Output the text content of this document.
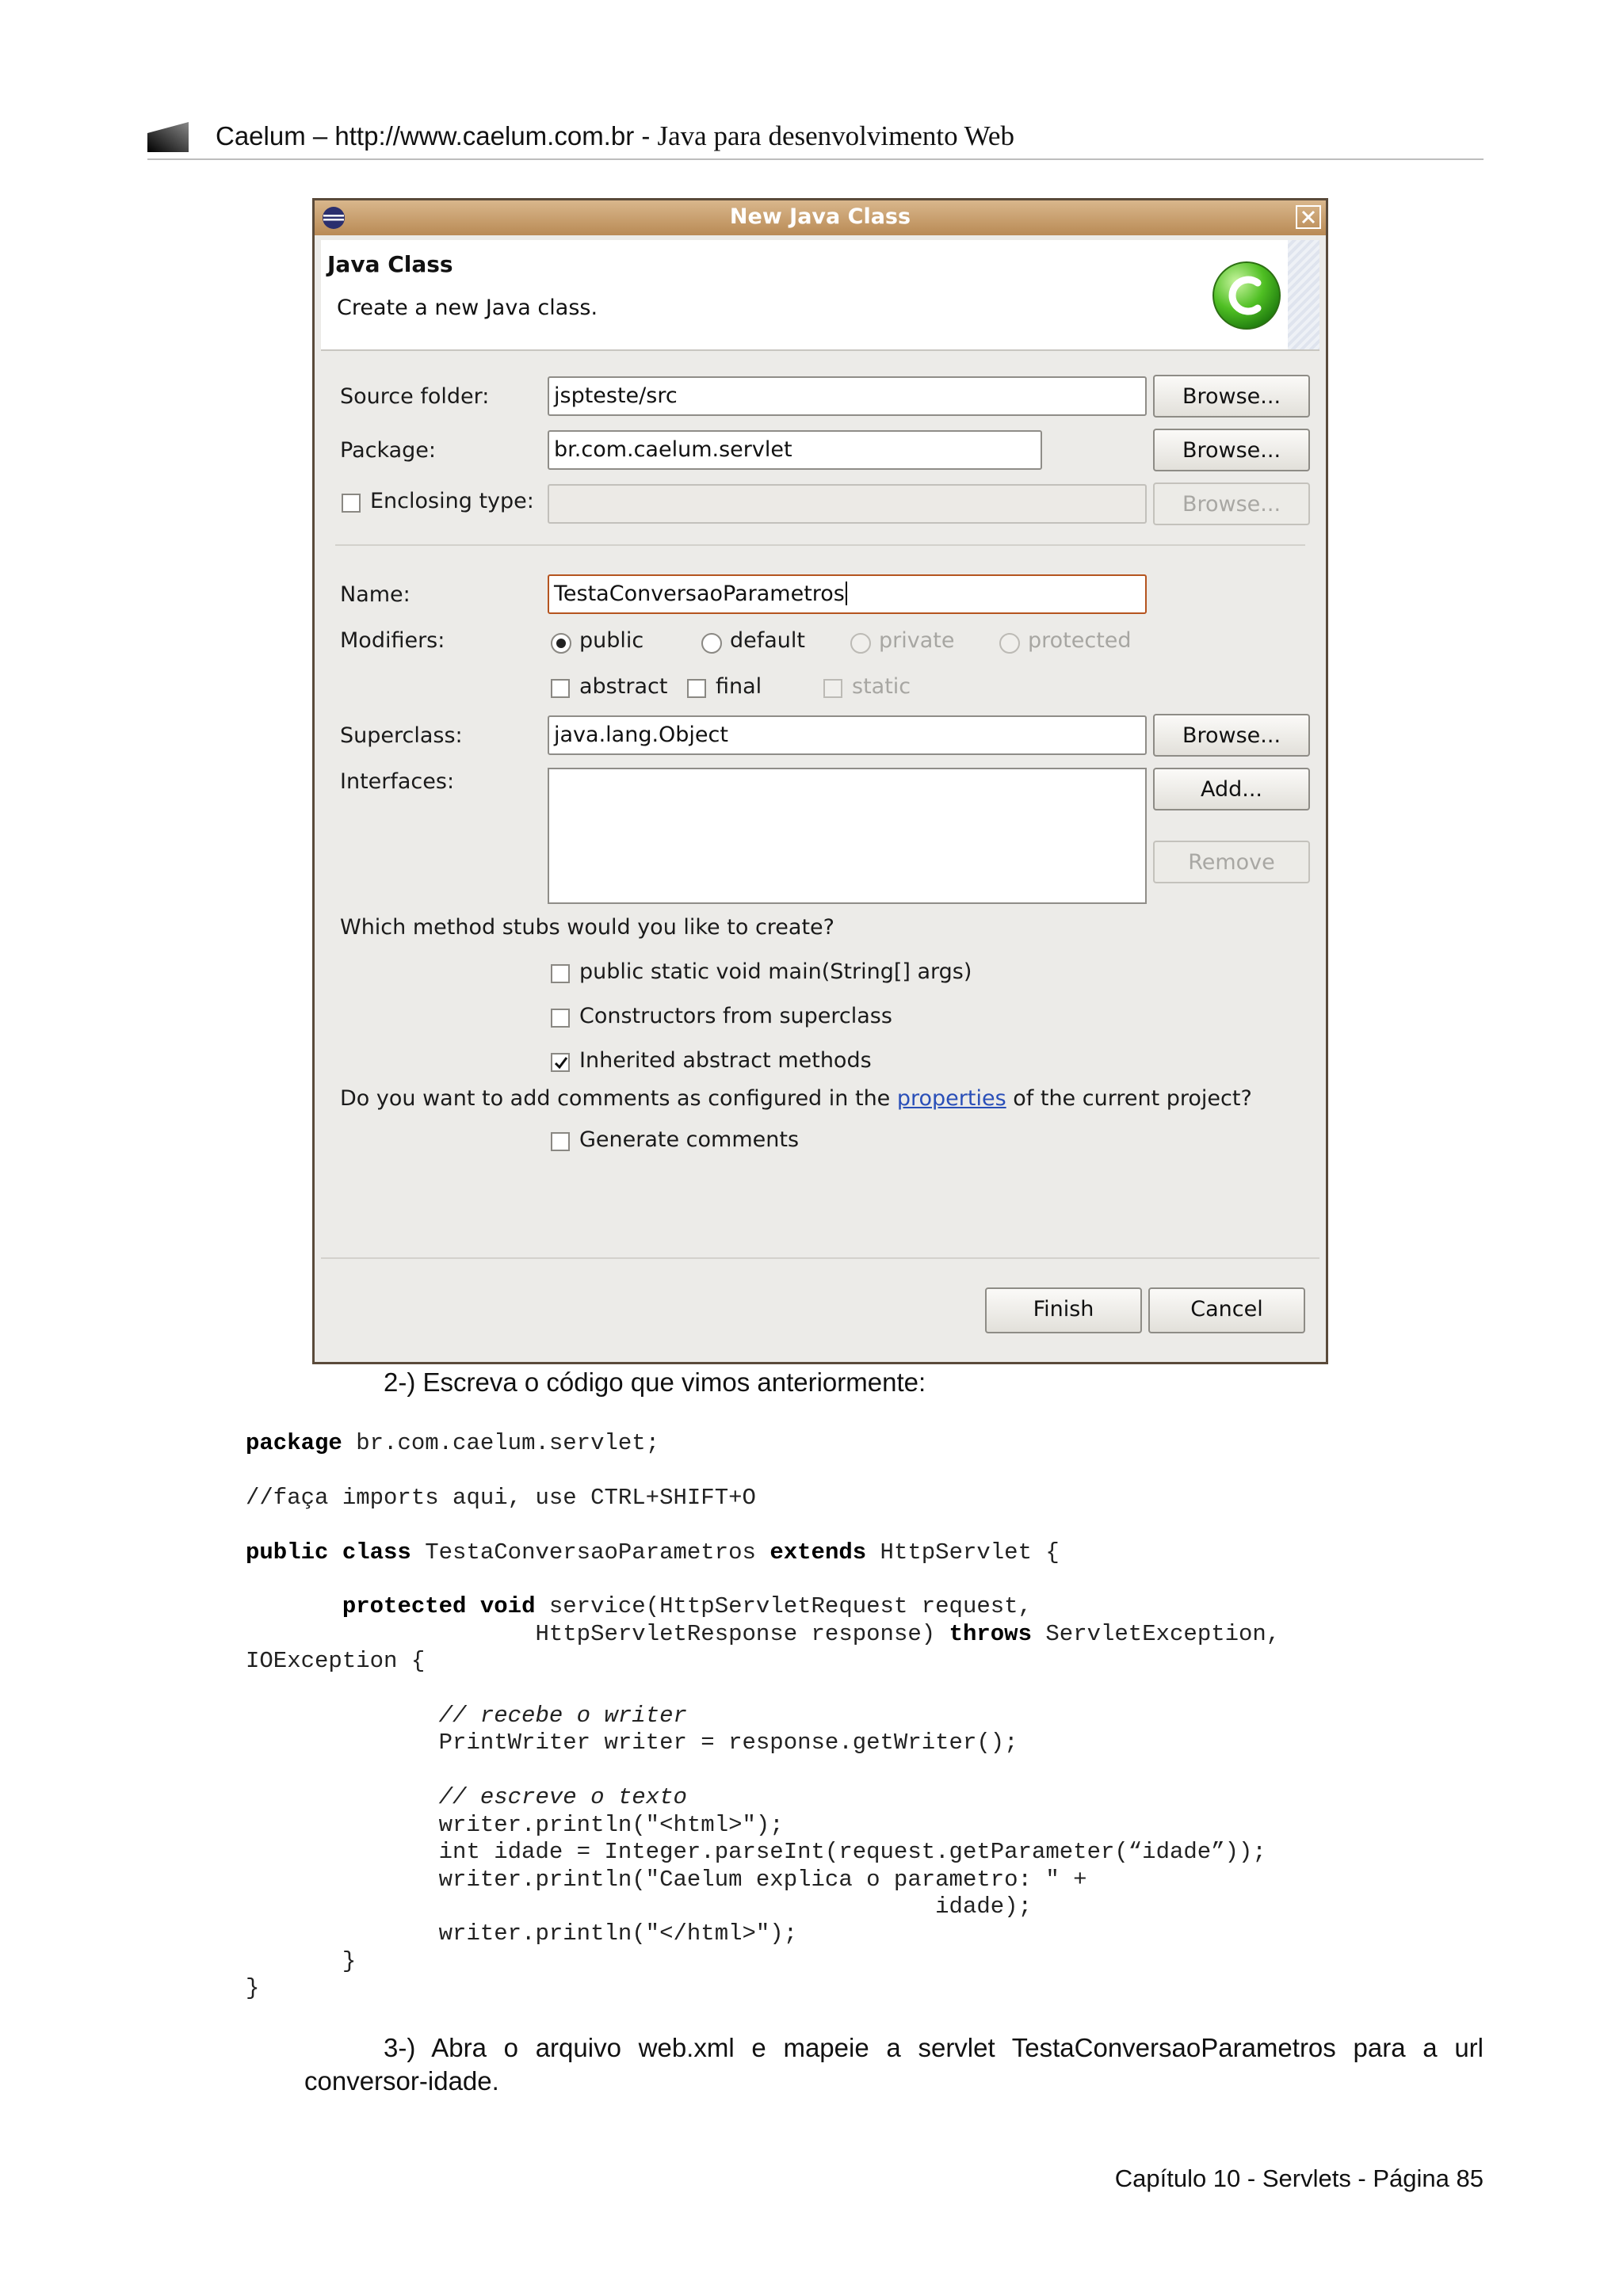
Caelum – http://www.caelum.com.br - Java para desenvolvimento Web
New Java Class
Java Class
Create a new Java class.
Source folder:	jspteste/src	Browse...
Package:	br.com.caelum.servlet	Browse...
Enclosing type:	Browse...
Name:	TestaConversaoParametros
Modifiers:	public	default	private	protected
abstract final	static
Superclass:	java.lang.Object	Browse...
Interfaces:	Add...
Remove
Which method stubs would you like to create?
public static void main(String[] args)
Constructors from superclass
Inherited abstract methods
Do you want to add comments as configured in the properties of the current project?
Generate comments
Finish	Cancel
2-) Escreva o código que vimos anteriormente:
package br.com.caelum.servlet;

//faça imports aqui, use CTRL+SHIFT+O

public class TestaConversaoParametros extends HttpServlet {

protected void service(HttpServletRequest request,
HttpServletResponse response) throws ServletException,
IOException {

// recebe o writer
PrintWriter writer = response.getWriter();

// escreve o texto
writer.println("<html>");
int idade = Integer.parseInt(request.getParameter(“idade”));
writer.println("Caelum explica o parametro: " +
idade);
writer.println("</html>");
}
}
3-) Abra o arquivo web.xml e mapeie a servlet TestaConversaoParametros para a url
conversor-idade.
Capítulo 10 - Servlets - Página 85
